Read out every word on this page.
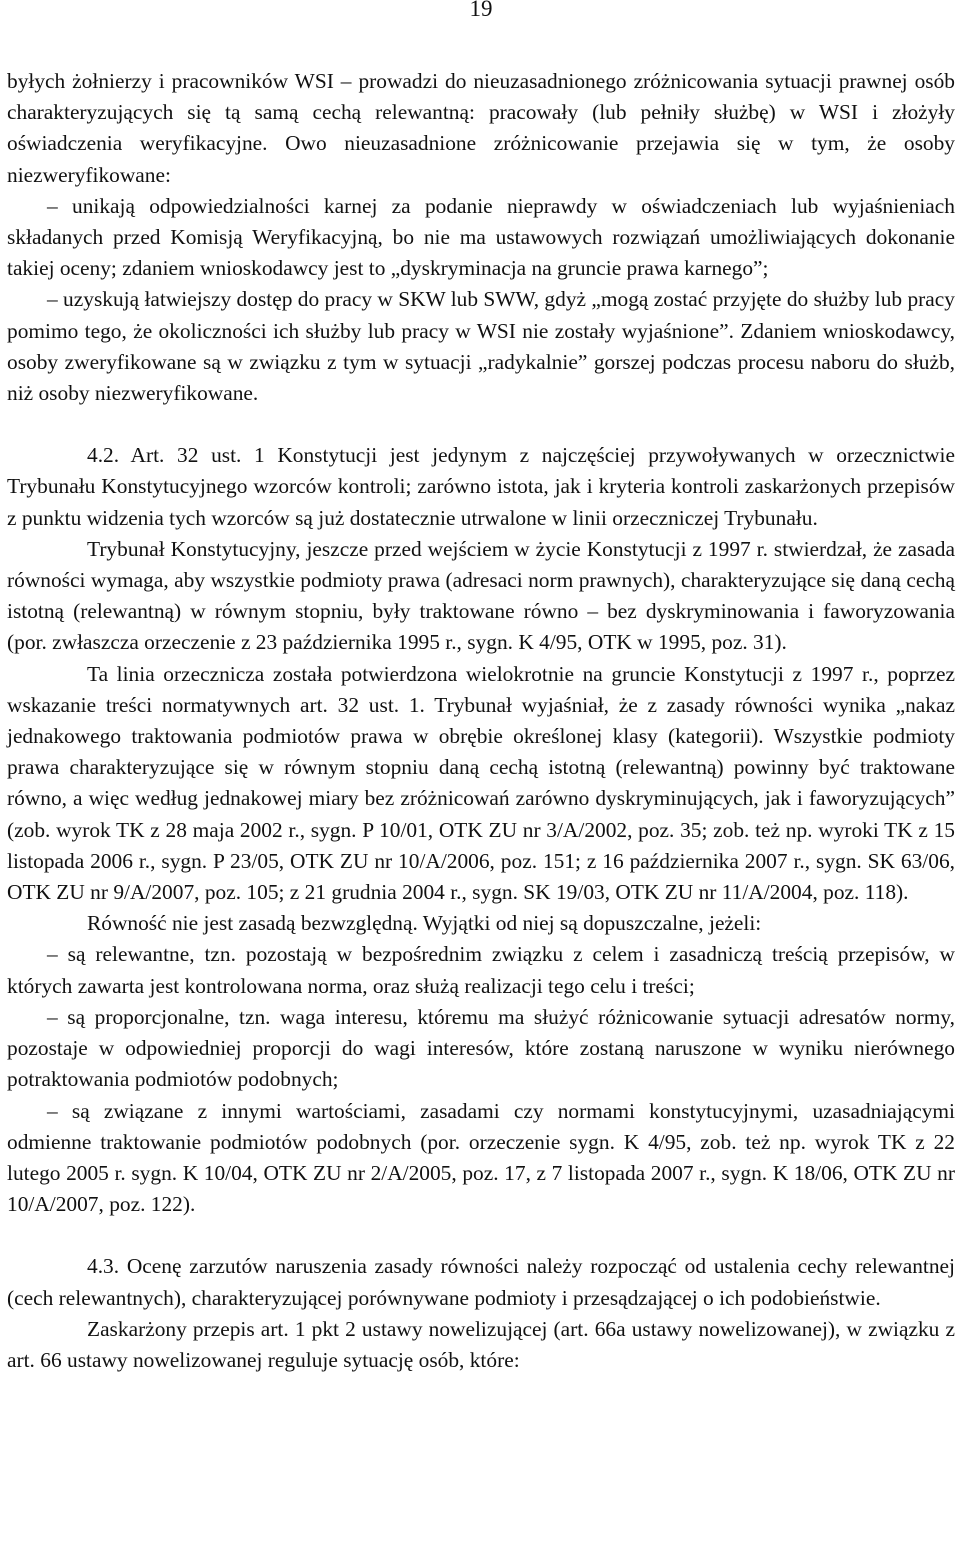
19

byłych żołnierzy i pracowników WSI – prowadzi do nieuzasadnionego zróżnicowania sytuacji prawnej osób charakteryzujących się tą samą cechą relewantną: pracowały (lub pełniły służbę) w WSI i złożyły oświadczenia weryfikacyjne. Owo nieuzasadnione zróżnicowanie przejawia się w tym, że osoby niezweryfikowane:

– unikają odpowiedzialności karnej za podanie nieprawdy w oświadczeniach lub wyjaśnieniach składanych przed Komisją Weryfikacyjną, bo nie ma ustawowych rozwiązań umożliwiających dokonanie takiej oceny; zdaniem wnioskodawcy jest to „dyskryminacja na gruncie prawa karnego”;

– uzyskują łatwiejszy dostęp do pracy w SKW lub SWW, gdyż „mogą zostać przyjęte do służby lub pracy pomimo tego, że okoliczności ich służby lub pracy w WSI nie zostały wyjaśnione”. Zdaniem wnioskodawcy, osoby zweryfikowane są w związku z tym w sytuacji „radykalnie” gorszej podczas procesu naboru do służb, niż osoby niezweryfikowane.

4.2. Art. 32 ust. 1 Konstytucji jest jedynym z najczęściej przywoływanych w orzecznictwie Trybunału Konstytucyjnego wzorców kontroli; zarówno istota, jak i kryteria kontroli zaskarżonych przepisów z punktu widzenia tych wzorców są już dostatecznie utrwalone w linii orzeczniczej Trybunału.

Trybunał Konstytucyjny, jeszcze przed wejściem w życie Konstytucji z 1997 r. stwierdzał, że zasada równości wymaga, aby wszystkie podmioty prawa (adresaci norm prawnych), charakteryzujące się daną cechą istotną (relewantną) w równym stopniu, były traktowane równo – bez dyskryminowania i faworyzowania (por. zwłaszcza orzeczenie z 23 października 1995 r., sygn. K 4/95, OTK w 1995, poz. 31).

Ta linia orzecznicza została potwierdzona wielokrotnie na gruncie Konstytucji z 1997 r., poprzez wskazanie treści normatywnych art. 32 ust. 1. Trybunał wyjaśniał, że z zasady równości wynika „nakaz jednakowego traktowania podmiotów prawa w obrębie określonej klasy (kategorii). Wszystkie podmioty prawa charakteryzujące się w równym stopniu daną cechą istotną (relewantną) powinny być traktowane równo, a więc według jednakowej miary bez zróżnicowań zarówno dyskryminujących, jak i faworyzujących” (zob. wyrok TK z 28 maja 2002 r., sygn. P 10/01, OTK ZU nr 3/A/2002, poz. 35; zob. też np. wyroki TK z 15 listopada 2006 r., sygn. P 23/05, OTK ZU nr 10/A/2006, poz. 151; z 16 października 2007 r., sygn. SK 63/06, OTK ZU nr 9/A/2007, poz. 105; z 21 grudnia 2004 r., sygn. SK 19/03, OTK ZU nr 11/A/2004, poz. 118).

Równość nie jest zasadą bezwzględną. Wyjątki od niej są dopuszczalne, jeżeli:

– są relewantne, tzn. pozostają w bezpośrednim związku z celem i zasadniczą treścią przepisów, w których zawarta jest kontrolowana norma, oraz służą realizacji tego celu i treści;

– są proporcjonalne, tzn. waga interesu, któremu ma służyć różnicowanie sytuacji adresatów normy, pozostaje w odpowiedniej proporcji do wagi interesów, które zostaną naruszone w wyniku nierównego potraktowania podmiotów podobnych;

– są związane z innymi wartościami, zasadami czy normami konstytucyjnymi, uzasadniającymi odmienne traktowanie podmiotów podobnych (por. orzeczenie sygn. K 4/95, zob. też np. wyrok TK z 22 lutego 2005 r. sygn. K 10/04, OTK ZU nr 2/A/2005, poz. 17, z 7 listopada 2007 r., sygn. K 18/06, OTK ZU nr 10/A/2007, poz. 122).

4.3. Ocenę zarzutów naruszenia zasady równości należy rozpocząć od ustalenia cechy relewantnej (cech relewantnych), charakteryzującej porównywane podmioty i przesądzającej o ich podobieństwie.

Zaskarżony przepis art. 1 pkt 2 ustawy nowelizującej (art. 66a ustawy nowelizowanej), w związku z art. 66 ustawy nowelizowanej reguluje sytuację osób, które:
